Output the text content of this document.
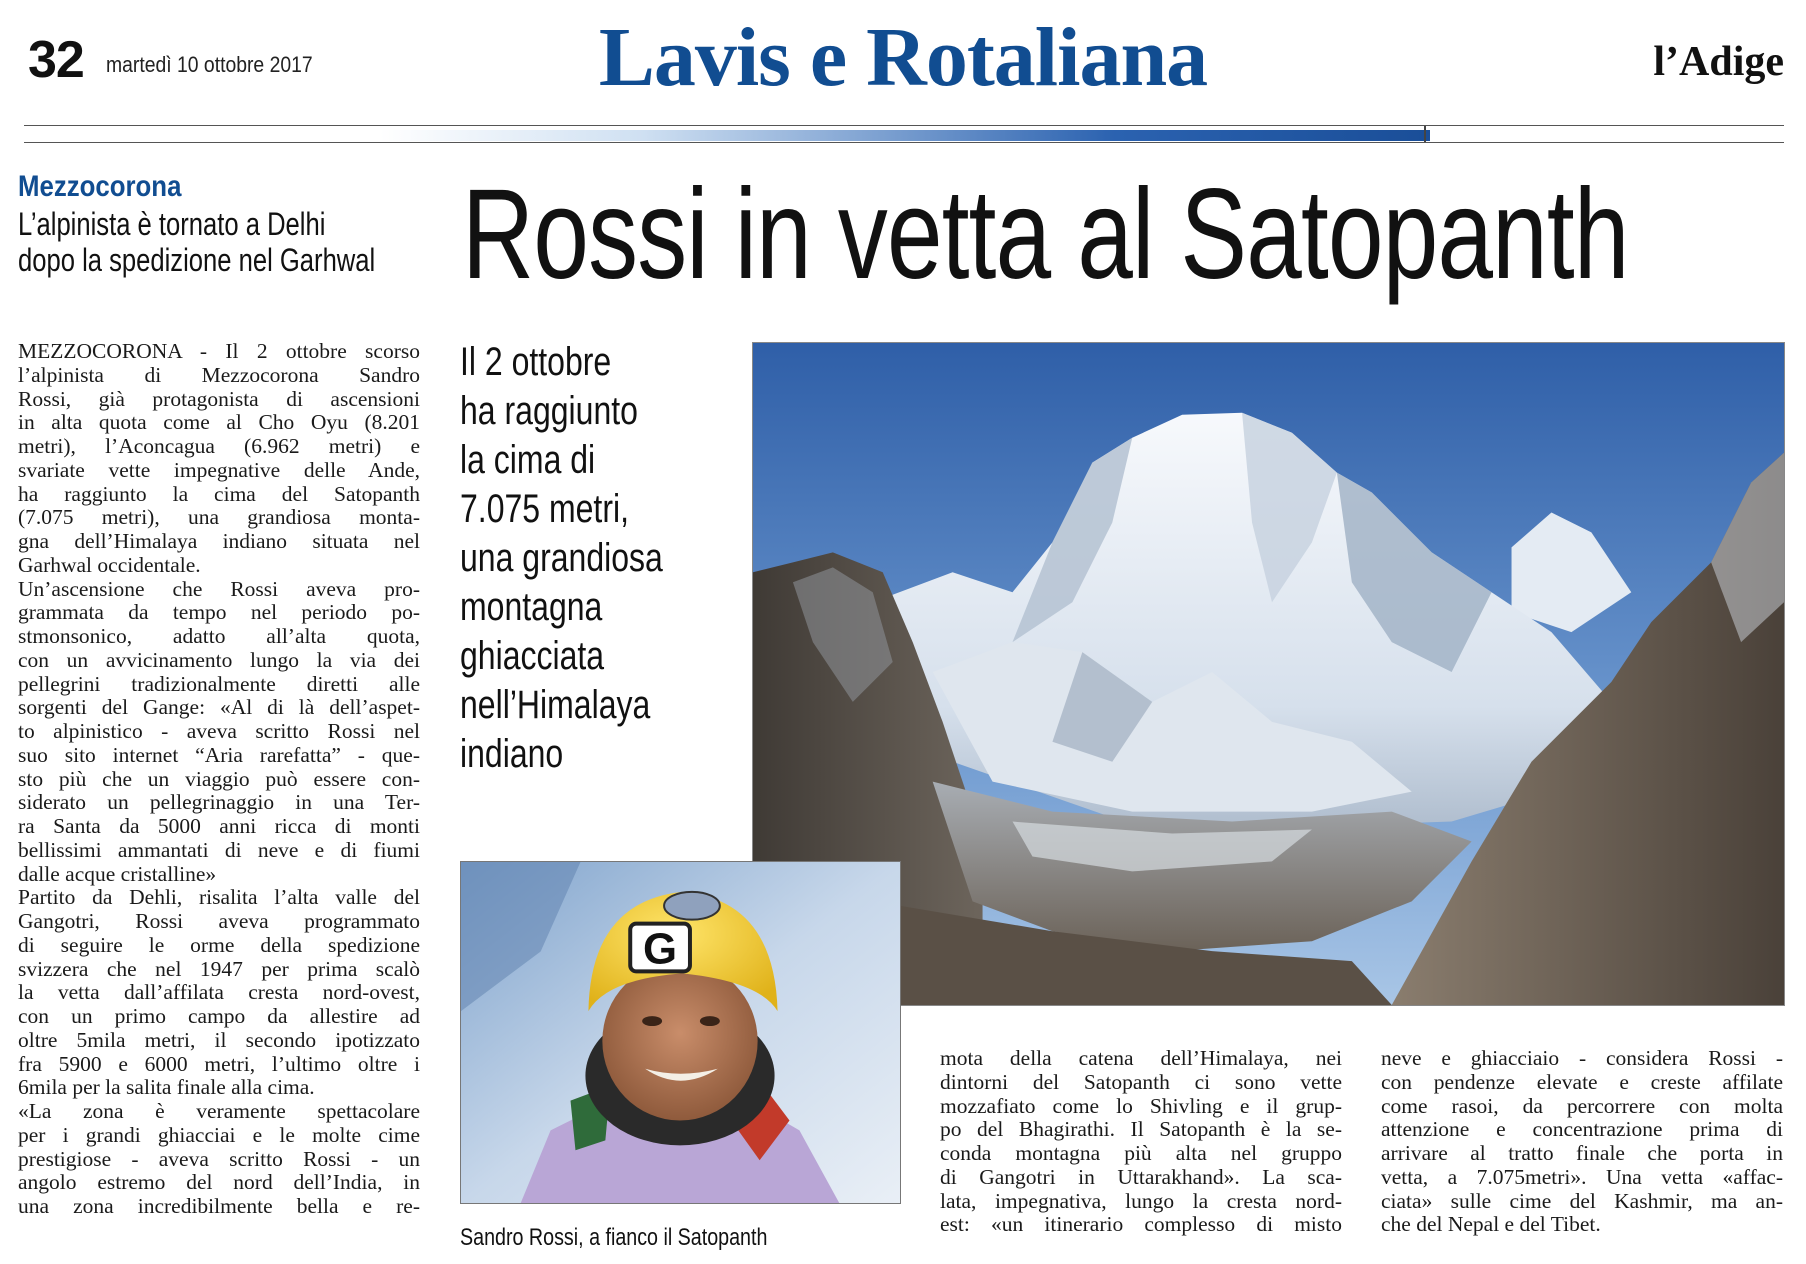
32 martedì 10 ottobre 2017	Lavis e Rotaliana	l’Adige
Mezzocorona
L’alpinista è tornato a Delhi
dopo la spedizione nel Garhwal Rossi in vetta al Satopanth

MEZZOCORONA - Il 2 ottobre scorso

l’alpinista di Mezzocorona Sandro

Rossi, già protagonista di ascensioni

in alta quota come al Cho Oyu (8.201

metri), l’Aconcagua (6.962 metri) e

svariate vette impegnative delle Ande,

ha raggiunto la cima del Satopanth

(7.075 metri), una grandiosa monta-

gna dell’Himalaya indiano situata nel

Garhwal occidentale.

Un’ascensione che Rossi aveva pro-

grammata da tempo nel periodo po-

stmonsonico, adatto all’alta quota,

con un avvicinamento lungo la via dei

pellegrini tradizionalmente diretti alle

sorgenti del Gange: «Al di là dell’aspet-

to alpinistico - aveva scritto Rossi nel

suo sito internet “Aria rarefatta” - que-

sto più che un viaggio può essere con-

siderato un pellegrinaggio in una Ter-

ra Santa da 5000 anni ricca di monti

bellissimi ammantati di neve e di fiumi

dalle acque cristalline»

Partito da Dehli, risalita l’alta valle del

Gangotri, Rossi aveva programmato

di seguire le orme della spedizione

svizzera che nel 1947 per prima scalò

la vetta dall’affilata cresta nord-ovest,

con un primo campo da allestire ad

oltre 5mila metri, il secondo ipotizzato

fra 5900 e 6000 metri, l’ultimo oltre i

6mila per la salita finale alla cima.

«La zona è veramente spettacolare

per i grandi ghiacciai e le molte cime

prestigiose - aveva scritto Rossi - un

angolo estremo del nord dell’India, in

una zona incredibilmente bella e re-

Il 2 ottobre
ha raggiunto
la cima di
7.075 metri,
una grandiosa
montagna
ghiacciata
nell’Himalaya
indiano
G
Sandro Rossi, a fianco il Satopanth

mota della catena dell’Himalaya, nei

dintorni del Satopanth ci sono vette

mozzafiato come lo Shivling e il grup-

po del Bhagirathi. Il Satopanth è la se-

conda montagna più alta nel gruppo

di Gangotri in Uttarakhand». La sca-

lata, impegnativa, lungo la cresta nord-

est: «un itinerario complesso di misto

neve e ghiacciaio - considera Rossi -

con pendenze elevate e creste affilate

come rasoi, da percorrere con molta

attenzione e concentrazione prima di

arrivare al tratto finale che porta in

vetta, a 7.075metri». Una vetta «affac-

ciata» sulle cime del Kashmir, ma an-

che del Nepal e del Tibet.
